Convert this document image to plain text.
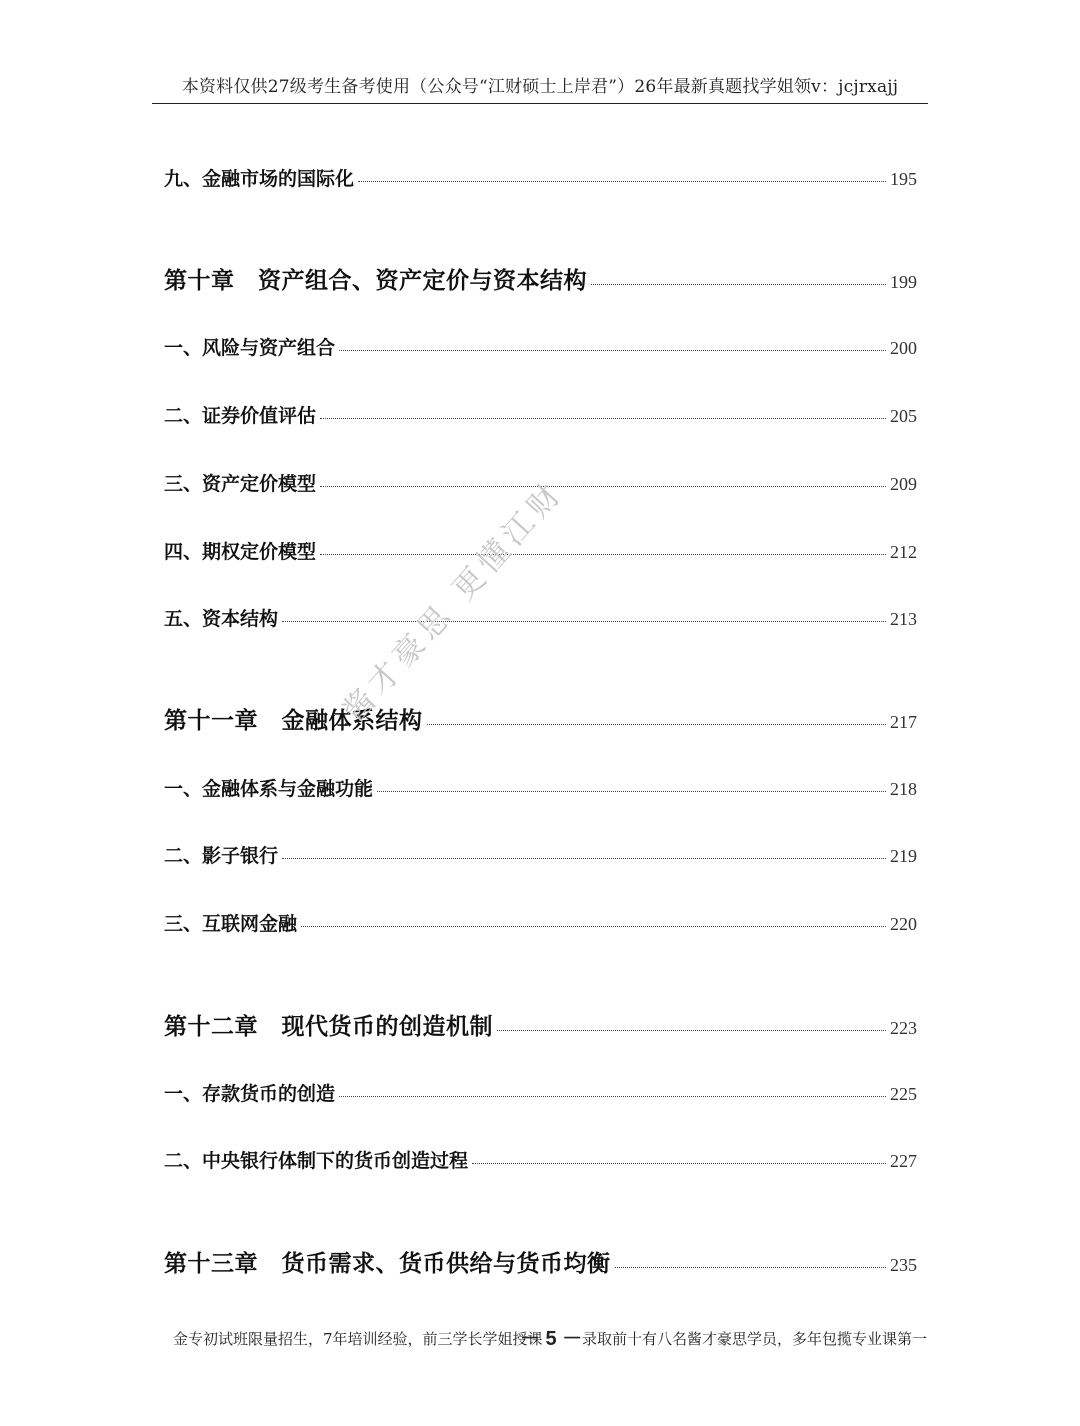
本资料仅供27级考生备考使用（公众号“江财硕士上岸君”）26年最新真题找学姐领v：jcjrxajj
九、金融市场的国际化	195
第十章　资产组合、资产定价与资本结构	199
一、风险与资产组合	200
二、证券价值评估	205
三、资产定价模型	209
四、期权定价模型	212
五、资本结构	213
第十一章　金融体系结构	217
一、金融体系与金融功能	218
二、影子银行	219
三、互联网金融	220
第十二章　现代货币的创造机制	223
一、存款货币的创造	225
二、中央银行体制下的货币创造过程	227
第十三章　货币需求、货币供给与货币均衡	235
酱才豪思 更懂江财
金专初试班限量招生，7年培训经验，前三学长学姐授课
－ 5 － 录取前十有八名酱才豪思学员，多年包揽专业课第一
